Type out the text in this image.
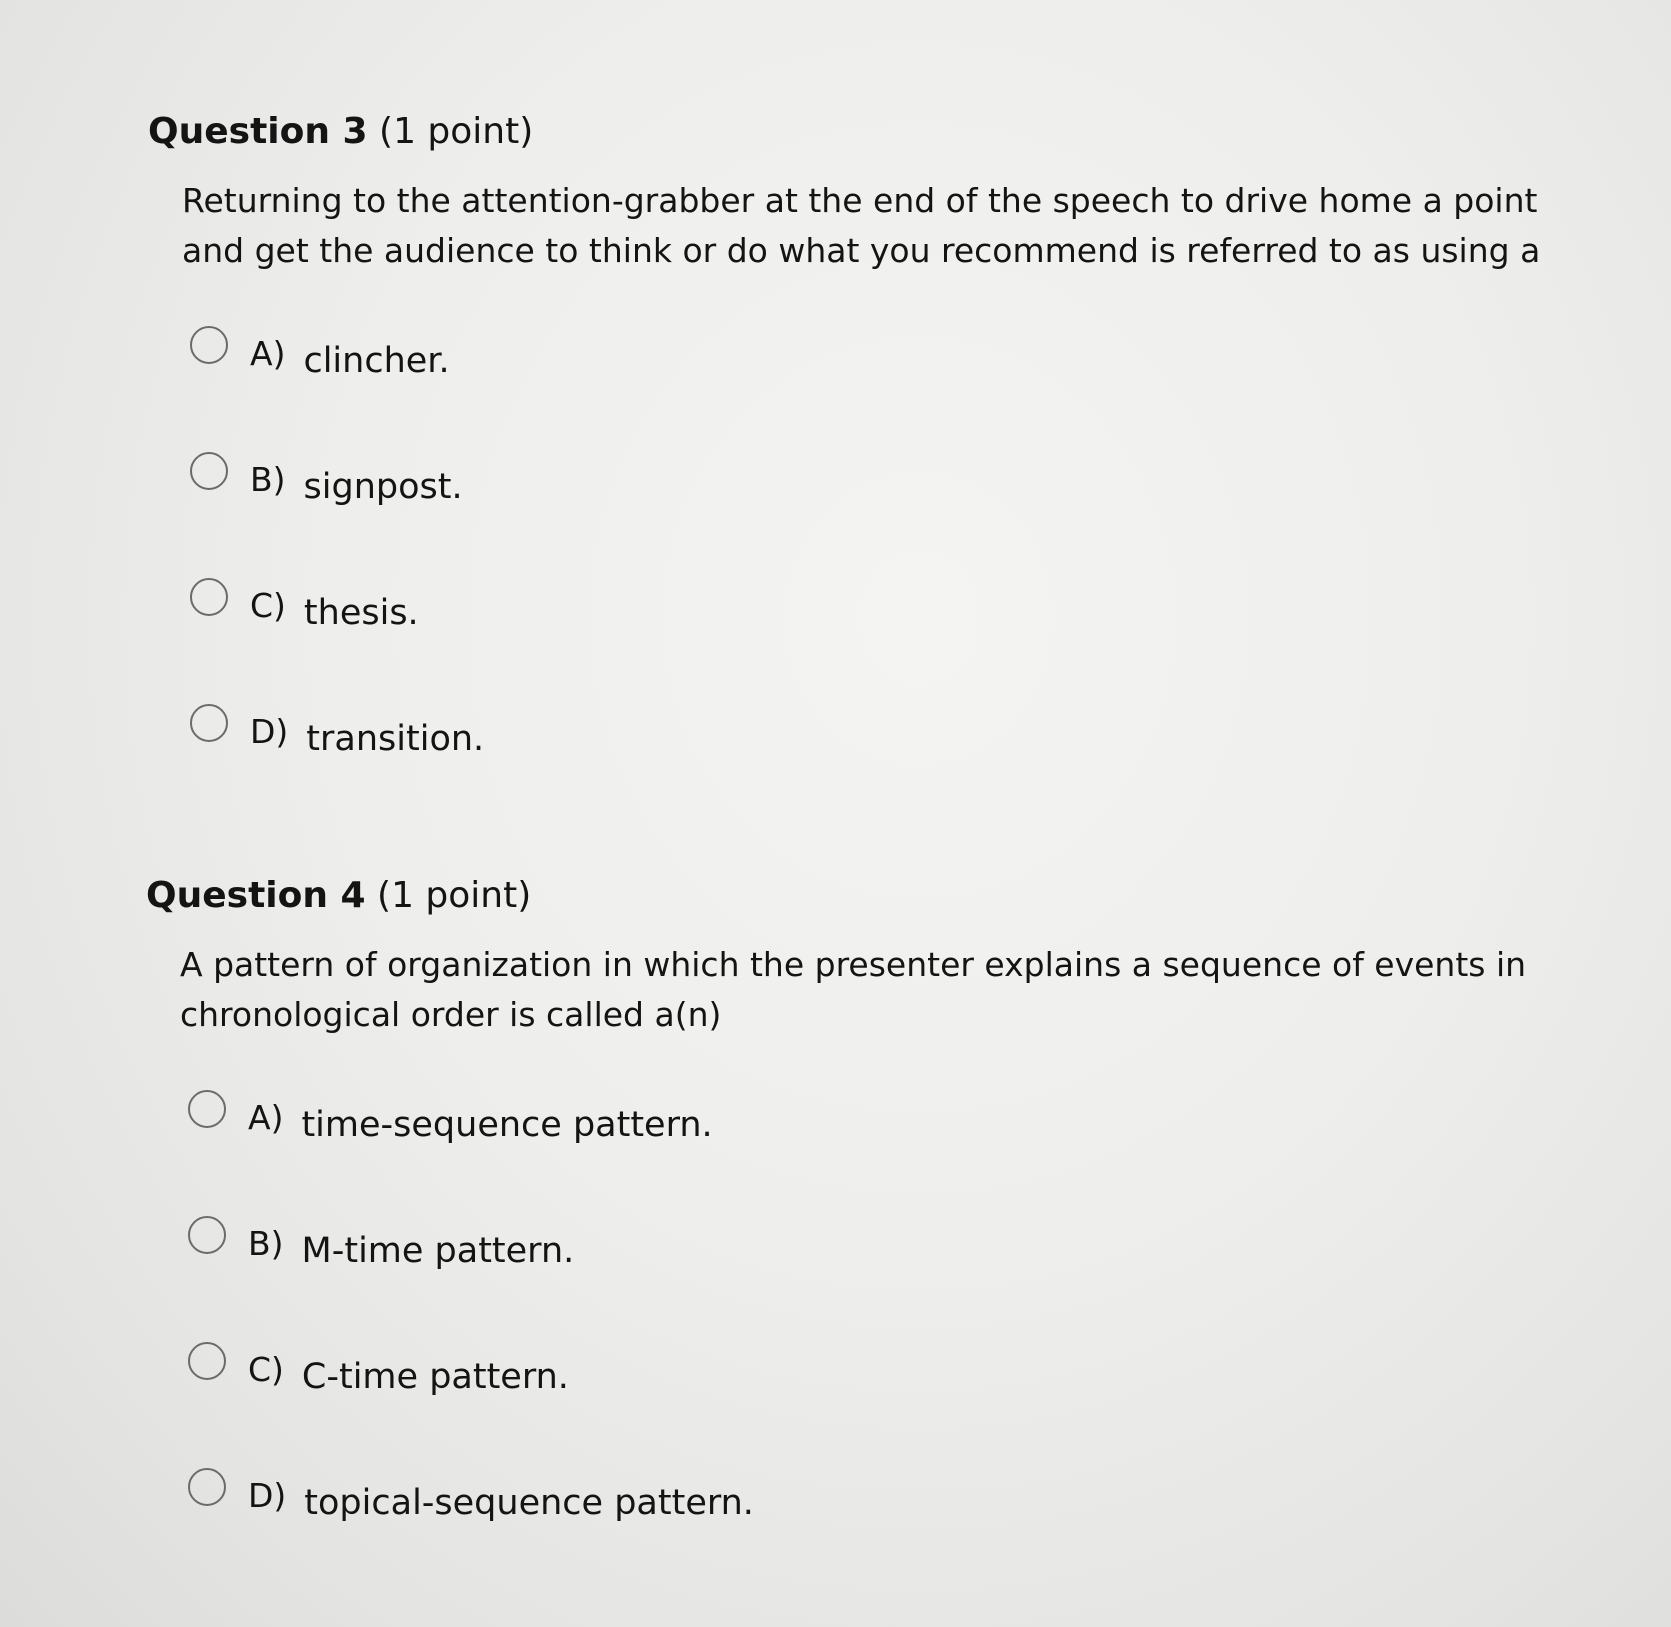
Question 3 (1 point)

Returning to the attention-grabber at the end of the speech to drive home a point and get the audience to think or do what you recommend is referred to as using a

A) clincher.
B) signpost.
C) thesis.
D) transition.
Question 4 (1 point)

A pattern of organization in which the presenter explains a sequence of events in chronological order is called a(n)

A) time-sequence pattern.
B) M-time pattern.
C) C-time pattern.
D) topical-sequence pattern.
